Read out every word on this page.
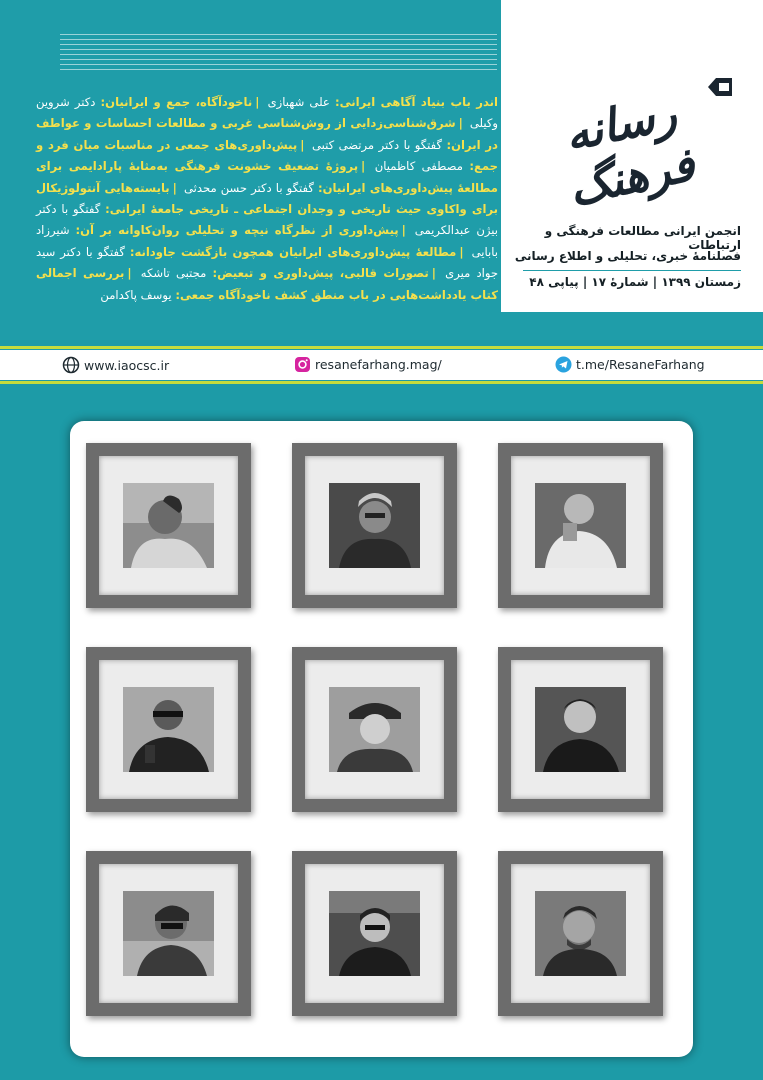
اندر باب بنیاد آگاهی ایرانی: علی شهبازی |ناخودآگاه، جمع و ایرانیان: دکتر شروین وکیلی |شرق‌شناسی‌زدایی از روش‌شناسی غربی و مطالعات احساسات و عواطف در ایران: گفتگو با دکتر مرتضی کتبی |پیش‌داوری‌های جمعی در مناسبات میان فرد و جمع: مصطفی کاظمیان |پروژۀ تضعیف خشونت فرهنگی به‌مثابۀ پارادایمی برای مطالعۀ پیش‌داوری‌های ایرانیان: گفتگو با دکتر حسن محدثی |بایسته‌هایی آنتولوژیکال برای واکاوی حیث تاریخی و وجدان اجتماعی ـ تاریخی جامعۀ ایرانی: گفتگو با دکتر بیژن عبدالکریمی |پیش‌داوری از نظرگاه نیچه و تحلیلی روان‌کاوانه بر آن: شیرزاد بابایی |مطالعۀ پیش‌داوری‌های ایرانیان همچون بازگشت جاودانه: گفتگو با دکتر سید جواد میری |تصورات قالبی، پیش‌داوری و تبعیض: مجتبی تاشکه |بررسی اجمالی کتاب یادداشت‌هایی در باب منطق کشف ناخودآگاه جمعی: یوسف پاکدامن
رسانه فرهنگ
انجمن ایرانی مطالعات فرهنگی و ارتباطات
فصلنامۀ خبری، تحلیلی و اطلاع رسانی
زمستان ۱۳۹۹ | شمارۀ ۱۷ | پیاپی ۴۸
www.iaocsc.ir	resanefarhang.mag/	t.me/ResaneFarhang
